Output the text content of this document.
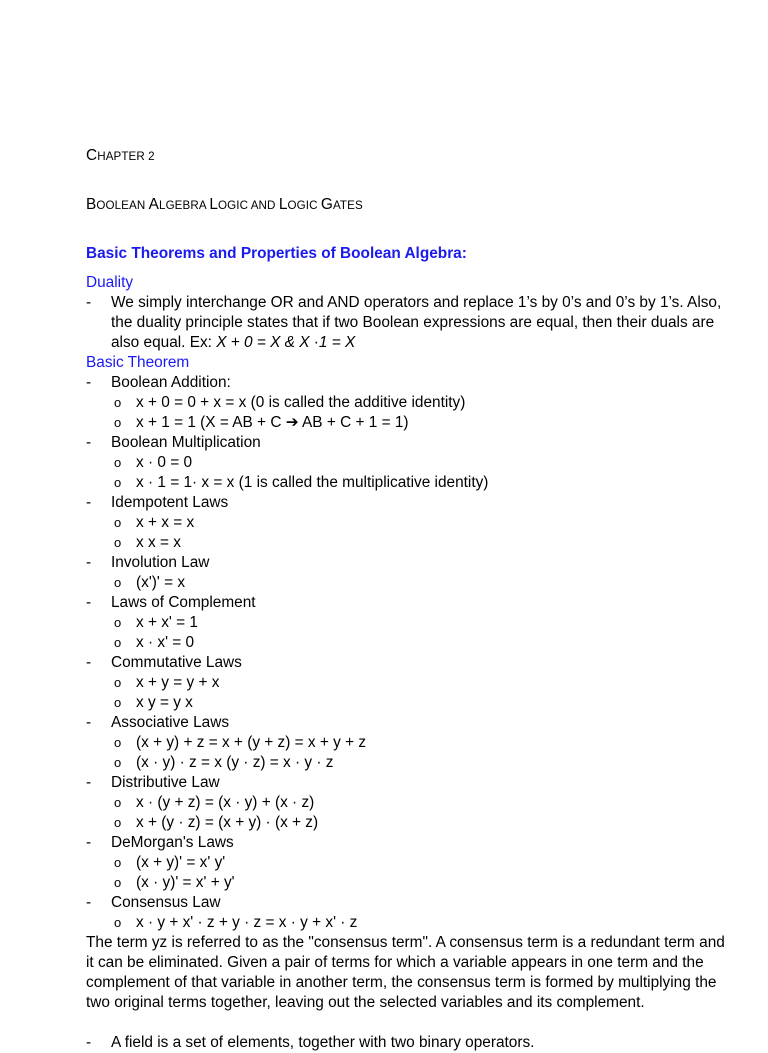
CHAPTER 2
BOOLEAN ALGEBRA LOGIC AND LOGIC GATES
Basic Theorems and Properties of Boolean Algebra:
Duality

- We simply interchange OR and AND operators and replace 1’s by 0’s and 0’s by 1’s. Also, the duality principle states that if two Boolean expressions are equal, then their duals are also equal. Ex: X + 0 = X & X ·1 = X

Basic Theorem
- Boolean Addition:
o x + 0 = 0 + x = x (0 is called the additive identity)
o x + 1 = 1 (X = AB + C ➔ AB + C + 1 = 1)
- Boolean Multiplication
o x · 0 = 0
o x · 1 = 1· x = x (1 is called the multiplicative identity)
- Idempotent Laws
o x + x = x
o x x = x
- Involution Law
o (x')' = x
- Laws of Complement
o x + x' = 1
o x · x' = 0
- Commutative Laws
o x + y = y + x
o x y = y x
- Associative Laws
o (x + y) + z = x + (y + z) = x + y + z
o (x · y) · z = x (y · z) = x · y · z
- Distributive Law
o x · (y + z) = (x · y) + (x · z)
o x + (y · z) = (x + y) · (x + z)
- DeMorgan's Laws
o (x + y)' = x' y'
o (x · y)' = x' + y'
- Consensus Law
o x · y + x' · z + y · z = x · y + x' · z

The term yz is referred to as the "consensus term". A consensus term is a redundant term and it can be eliminated. Given a pair of terms for which a variable appears in one term and the complement of that variable in another term, the consensus term is formed by multiplying the two original terms together, leaving out the selected variables and its complement.

- A field is a set of elements, together with two binary operators.
